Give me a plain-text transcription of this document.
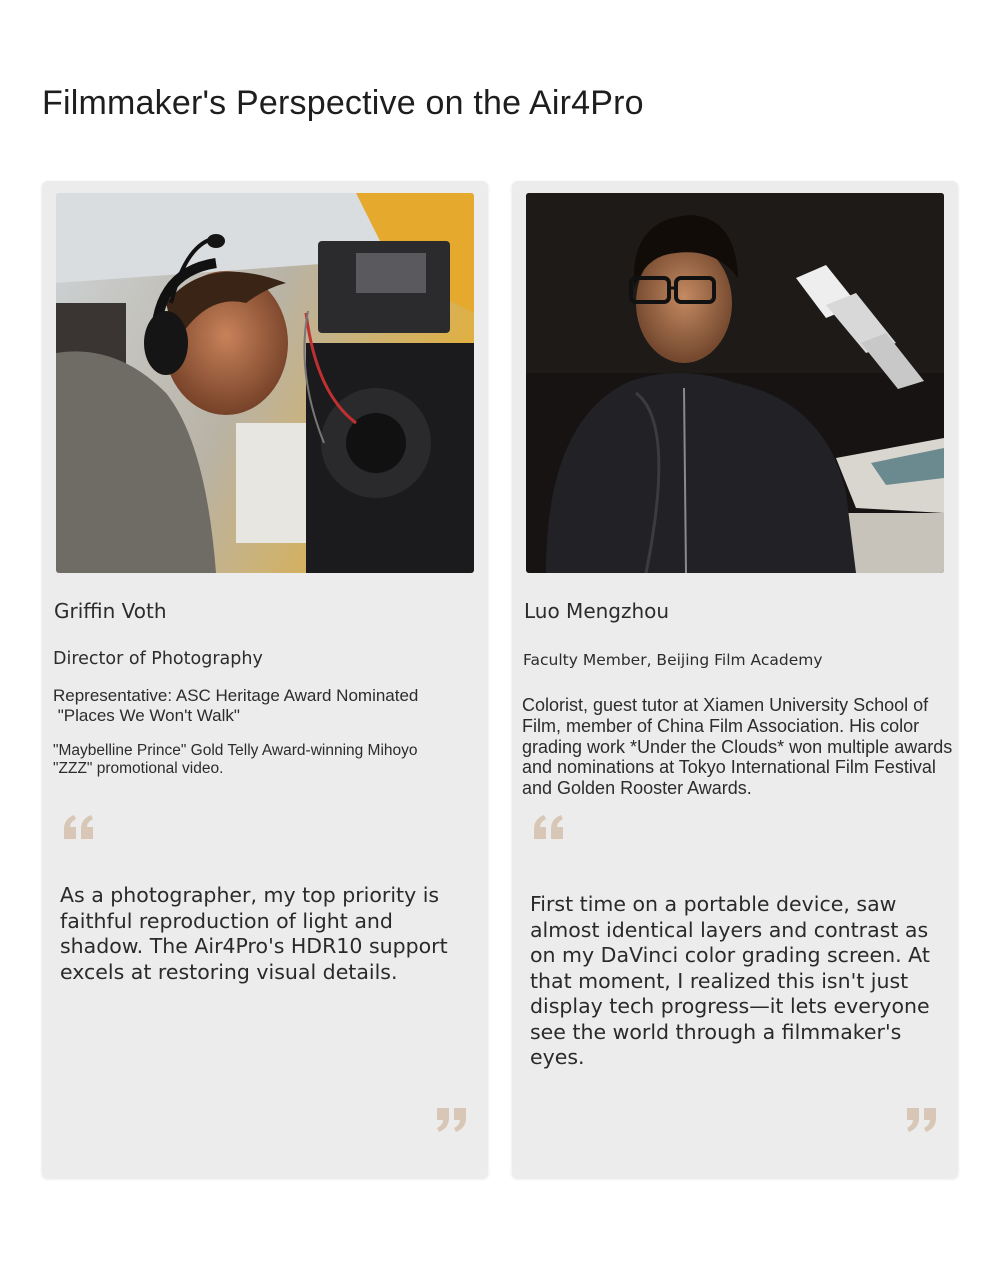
Filmmaker's Perspective on the Air4Pro
Griffin Voth
Director of Photography
Representative: ASC Heritage Award Nominated
"Places We Won't Walk"
"Maybelline Prince" Gold Telly Award-winning Mihoyo
"ZZZ" promotional video.
As a photographer, my top priority is
faithful reproduction of light and
shadow. The Air4Pro's HDR10 support
excels at restoring visual details.
Luo Mengzhou
Faculty Member, Beijing Film Academy
Colorist, guest tutor at Xiamen University School of
Film, member of China Film Association. His color
grading work *Under the Clouds* won multiple awards
and nominations at Tokyo International Film Festival
and Golden Rooster Awards.
First time on a portable device, saw
almost identical layers and contrast as
on my DaVinci color grading screen. At
that moment, I realized this isn't just
display tech progress—it lets everyone
see the world through a filmmaker's
eyes.
